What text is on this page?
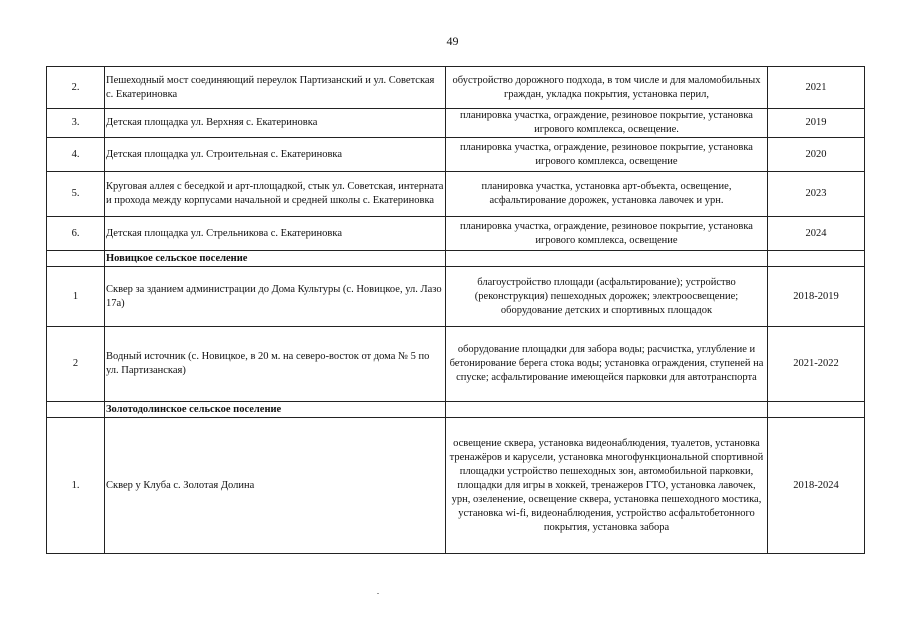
49
2.	Пешеходный мост соединяющий переулок Партизанский и ул. Советская с. Екатериновка	обустройство дорожного подхода, в том числе и для маломобильных граждан, укладка покрытия, установка перил,	2021
3.	Детская площадка ул. Верхняя с. Екатериновка	планировка участка, ограждение, резиновое покрытие, установка игрового комплекса, освещение.	2019
4.	Детская площадка ул. Строительная с. Екатериновка	планировка участка, ограждение, резиновое покрытие, установка игрового комплекса, освещение	2020
5.	Круговая аллея с беседкой и арт-площадкой, стык ул. Советская, интерната и прохода между корпусами начальной и средней школы с. Екатериновка	планировка участка, установка арт-объекта, освещение, асфальтирование дорожек, установка лавочек и урн.	2023
6.	Детская площадка ул. Стрельникова с. Екатериновка	планировка участка, ограждение, резиновое покрытие, установка игрового комплекса, освещение	2024
	Новицкое сельское поселение		
1	Сквер за зданием администрации до Дома Культуры (с. Новицкое, ул. Лазо 17а)	благоустройство площади (асфальтирование); устройство (реконструкция) пешеходных дорожек; электроосвещение; оборудование детских и спортивных площадок	2018-2019
2	Водный источник (с. Новицкое, в 20 м. на северо-восток от дома № 5 по ул. Партизанская)	оборудование площадки для забора воды; расчистка, углубление и бетонирование берега стока воды; установка ограждения, ступеней на спуске; асфальтирование имеющейся парковки для автотранспорта	2021-2022
	Золотодолинское сельское поселение		
1.	Сквер у Клуба с. Золотая Долина	освещение сквера, установка видеонаблюдения, туалетов, установка тренажёров и карусели, установка многофункциональной спортивной площадки устройство пешеходных зон, автомобильной парковки, площадки для игры в хоккей, тренажеров ГТО, установка лавочек, урн, озеленение, освещение сквера, установка пешеходного мостика, установка wi-fi, видеонаблюдения, устройство асфальтобетонного покрытия, установка забора	2018-2024
